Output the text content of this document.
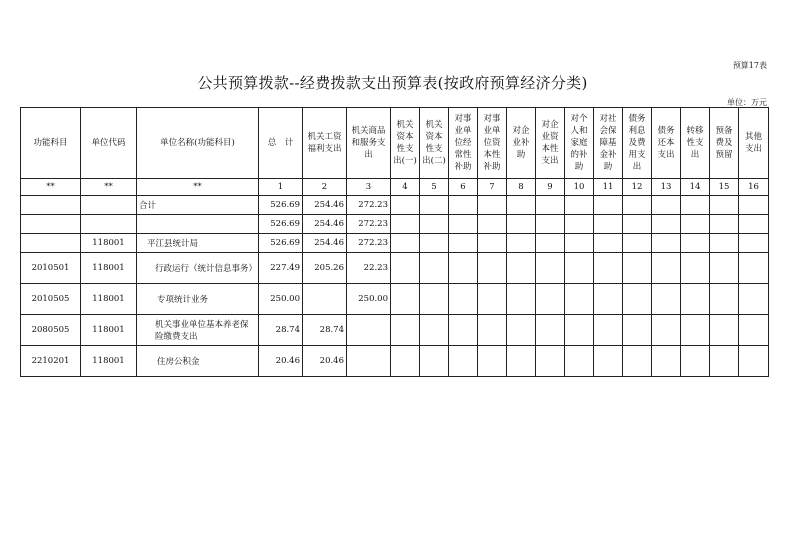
预算17表
公共预算拨款--经费拨款支出预算表(按政府预算经济分类)
单位：万元
功能科目	单位代码	单位名称(功能科目)	总　计	机关工资福利支出	机关商品和服务支出	机关资本性支出(一)	机关资本性支出(二)	对事业单位经常性补助	对事业单位资本性补助	对企业补助	对企业资本性支出	对个人和家庭的补助	对社会保障基金补助	债务利息及费用支出	债务还本支出	转移性支出	预备费及预留	其他支出
**	**	**	1	2	3	4	5	6	7	8	9	10	11	12	13	14	15	16
		合计	526.69	254.46	272.23													
			526.69	254.46	272.23													
	118001	平江县统计局	526.69	254.46	272.23													
2010501	118001	行政运行（统计信息事务）	227.49	205.26	22.23													
2010505	118001	专项统计业务	250.00		250.00													
2080505	118001	机关事业单位基本养老保险缴费支出	28.74	28.74														
2210201	118001	住房公积金	20.46	20.46														
